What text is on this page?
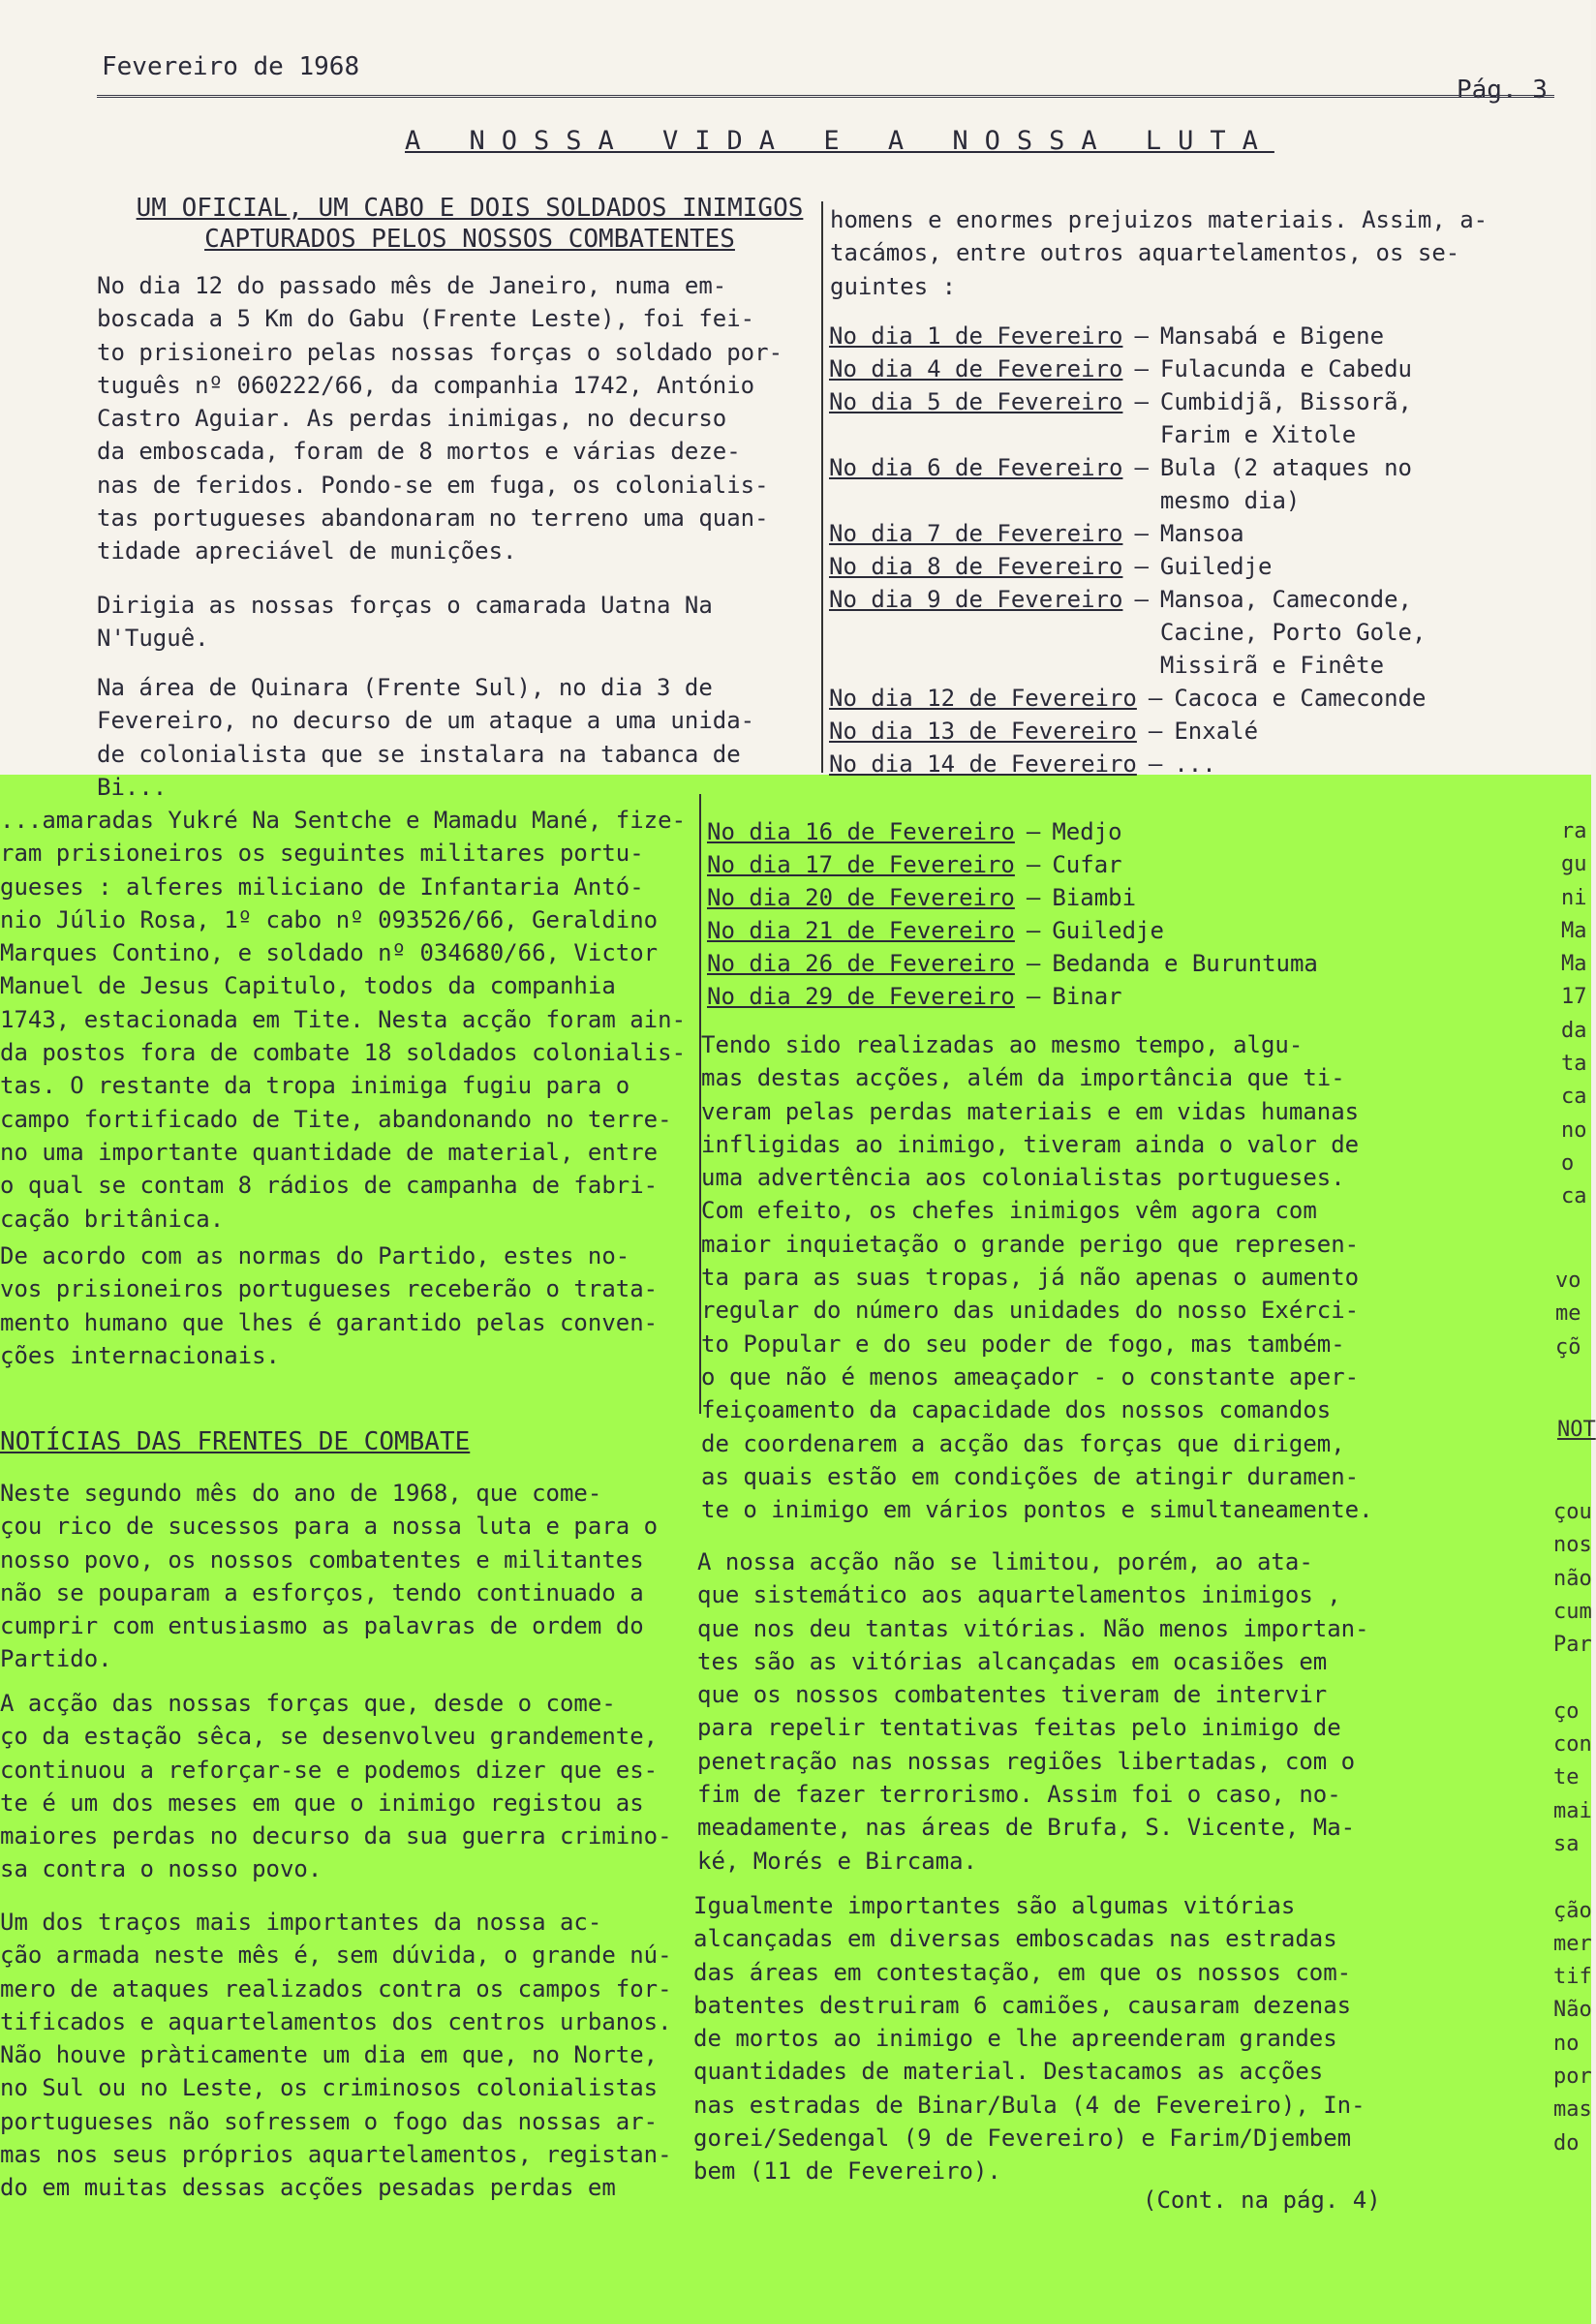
Fevereiro de 1968
Pág. 3
A NOSSA VIDA E A NOSSA LUTA
UM OFICIAL, UM CABO E DOIS SOLDADOS INIMIGOS
CAPTURADOS PELOS NOSSOS COMBATENTES
No dia 12 do passado mês de Janeiro, numa em-
boscada a 5 Km do Gabu (Frente Leste), foi fei-
to prisioneiro pelas nossas forças o soldado por-
tuguês nº 060222/66, da companhia 1742, António
Castro Aguiar. As perdas inimigas, no decurso
da emboscada, foram de 8 mortos e várias deze-
nas de feridos. Pondo-se em fuga, os colonialis-
tas portugueses abandonaram no terreno uma quan-
tidade apreciável de munições.
Dirigia as nossas forças o camarada Uatna Na
N'Tuguê.
Na área de Quinara (Frente Sul), no dia 3 de
Fevereiro, no decurso de um ataque a uma unida-
de colonialista que se instalara na tabanca de
Bi...
...amaradas Yukré Na Sentche e Mamadu Mané, fize-
ram prisioneiros os seguintes militares portu-
gueses : alferes miliciano de Infantaria Antó-
nio Júlio Rosa, 1º cabo nº 093526/66, Geraldino
Marques Contino, e soldado nº 034680/66, Victor
Manuel de Jesus Capitulo, todos da companhia
1743, estacionada em Tite. Nesta acção foram ain-
da postos fora de combate 18 soldados colonialis-
tas. O restante da tropa inimiga fugiu para o
campo fortificado de Tite, abandonando no terre-
no uma importante quantidade de material, entre
o qual se contam 8 rádios de campanha de fabri-
cação britânica.
De acordo com as normas do Partido, estes no-
vos prisioneiros portugueses receberão o trata-
mento humano que lhes é garantido pelas conven-
ções internacionais.
NOTÍCIAS DAS FRENTES DE COMBATE
Neste segundo mês do ano de 1968, que come-
çou rico de sucessos para a nossa luta e para o
nosso povo, os nossos combatentes e militantes
não se pouparam a esforços, tendo continuado a
cumprir com entusiasmo as palavras de ordem do
Partido.
A acção das nossas forças que, desde o come-
ço da estação sêca, se desenvolveu grandemente,
continuou a reforçar-se e podemos dizer que es-
te é um dos meses em que o inimigo registou as
maiores perdas no decurso da sua guerra crimino-
sa contra o nosso povo.
Um dos traços mais importantes da nossa ac-
ção armada neste mês é, sem dúvida, o grande nú-
mero de ataques realizados contra os campos for-
tificados e aquartelamentos dos centros urbanos.
Não houve pràticamente um dia em que, no Norte,
no Sul ou no Leste, os criminosos colonialistas
portugueses não sofressem o fogo das nossas ar-
mas nos seus próprios aquartelamentos, registan-
do em muitas dessas acções pesadas perdas em
homens e enormes prejuizos materiais. Assim, a-
tacámos, entre outros aquartelamentos, os se-
guintes :
No dia 1 de Fevereiro – Mansabá e Bigene
No dia 4 de Fevereiro – Fulacunda e Cabedu
No dia 5 de Fevereiro – Cumbidjã, Bissorã,
Farim e Xitole
No dia 6 de Fevereiro – Bula (2 ataques no
mesmo dia)
No dia 7 de Fevereiro – Mansoa
No dia 8 de Fevereiro – Guiledje
No dia 9 de Fevereiro – Mansoa, Cameconde,
Cacine, Porto Gole,
Missirã e Finête
No dia 12 de Fevereiro – Cacoca e Cameconde
No dia 13 de Fevereiro – Enxalé
No dia 14 de Fevereiro – ...
No dia 16 de Fevereiro – Medjo
No dia 17 de Fevereiro – Cufar
No dia 20 de Fevereiro – Biambi
No dia 21 de Fevereiro – Guiledje
No dia 26 de Fevereiro – Bedanda e Buruntuma
No dia 29 de Fevereiro – Binar
Tendo sido realizadas ao mesmo tempo, algu-
mas destas acções, além da importância que ti-
veram pelas perdas materiais e em vidas humanas
infligidas ao inimigo, tiveram ainda o valor de
uma advertência aos colonialistas portugueses.
Com efeito, os chefes inimigos vêm agora com
maior inquietação o grande perigo que represen-
ta para as suas tropas, já não apenas o aumento
regular do número das unidades do nosso Exérci-
to Popular e do seu poder de fogo, mas também-
o que não é menos ameaçador - o constante aper-
feiçoamento da capacidade dos nossos comandos
de coordenarem a acção das forças que dirigem,
as quais estão em condições de atingir duramen-
te o inimigo em vários pontos e simultaneamente.
A nossa acção não se limitou, porém, ao ata-
que sistemático aos aquartelamentos inimigos ,
que nos deu tantas vitórias. Não menos importan-
tes são as vitórias alcançadas em ocasiões em
que os nossos combatentes tiveram de intervir
para repelir tentativas feitas pelo inimigo de
penetração nas nossas regiões libertadas, com o
fim de fazer terrorismo. Assim foi o caso, no-
meadamente, nas áreas de Brufa, S. Vicente, Ma-
ké, Morés e Bircama.
Igualmente importantes são algumas vitórias
alcançadas em diversas emboscadas nas estradas
das áreas em contestação, em que os nossos com-
batentes destruiram 6 camiões, causaram dezenas
de mortos ao inimigo e lhe apreenderam grandes
quantidades de material. Destacamos as acções
nas estradas de Binar/Bula (4 de Fevereiro), In-
gorei/Sedengal (9 de Fevereiro) e Farim/Djembem
bem (11 de Fevereiro).
(Cont. na pág. 4)
ra
gu
ni
Ma
Ma
17
da
ta
ca
no
o
ca
vo
me
çõ
NOT
çou
nos
não
cum
Par

ço
con
te
mai
sa

ção
mer
tif
Não
no
por
mas
do
